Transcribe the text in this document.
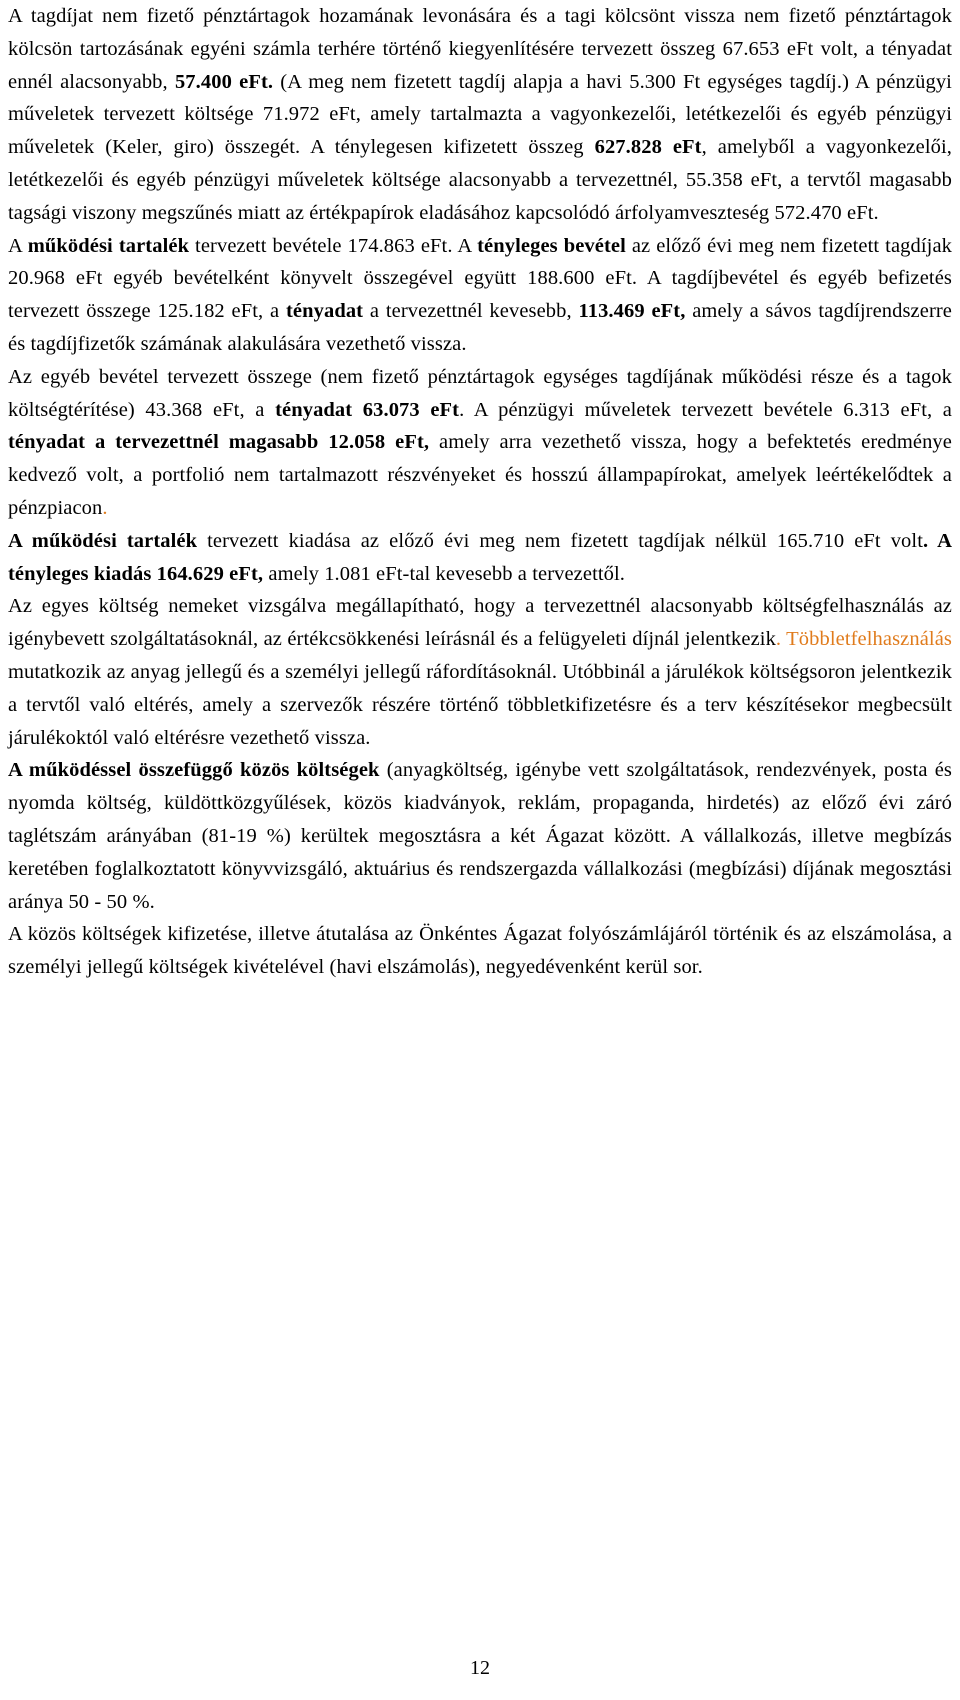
A tagdíjat nem fizető pénztártagok hozamának levonására és a tagi kölcsönt vissza nem fizető pénztártagok kölcsön tartozásának egyéni számla terhére történő kiegyenlítésére tervezett összeg 67.653 eFt volt, a tényadat ennél alacsonyabb, 57.400 eFt. (A meg nem fizetett tagdíj alapja a havi 5.300 Ft egységes tagdíj.) A pénzügyi műveletek tervezett költsége 71.972 eFt, amely tartalmazta a vagyonkezelői, letétkezelői és egyéb pénzügyi műveletek (Keler, giro) összegét. A ténylegesen kifizetett összeg 627.828 eFt, amelyből a vagyonkezelői, letétkezelői és egyéb pénzügyi műveletek költsége alacsonyabb a tervezettnél, 55.358 eFt, a tervtől magasabb tagsági viszony megszűnés miatt az értékpapírok eladásához kapcsolódó árfolyamveszteség 572.470 eFt.

A működési tartalék tervezett bevétele 174.863 eFt. A tényleges bevétel az előző évi meg nem fizetett tagdíjak 20.968 eFt egyéb bevételként könyvelt összegével együtt 188.600 eFt. A tagdíjbevétel és egyéb befizetés tervezett összege 125.182 eFt, a tényadat a tervezettnél kevesebb, 113.469 eFt, amely a sávos tagdíjrendszerre és tagdíjfizetők számának alakulására vezethető vissza.

Az egyéb bevétel tervezett összege (nem fizető pénztártagok egységes tagdíjának működési része és a tagok költségtérítése) 43.368 eFt, a tényadat 63.073 eFt. A pénzügyi műveletek tervezett bevétele 6.313 eFt, a tényadat a tervezettnél magasabb 12.058 eFt, amely arra vezethető vissza, hogy a befektetés eredménye kedvező volt, a portfolió nem tartalmazott részvényeket és hosszú állampapírokat, amelyek leértékelődtek a pénzpiacon.

A működési tartalék tervezett kiadása az előző évi meg nem fizetett tagdíjak nélkül 165.710 eFt volt. A tényleges kiadás 164.629 eFt, amely 1.081 eFt-tal kevesebb a tervezettől.

Az egyes költség nemeket vizsgálva megállapítható, hogy a tervezettnél alacsonyabb költségfelhasználás az igénybevett szolgáltatásoknál, az értékcsökkenési leírásnál és a felügyeleti díjnál jelentkezik. Többletfelhasználás mutatkozik az anyag jellegű és a személyi jellegű ráfordításoknál. Utóbbinál a járulékok költségsoron jelentkezik a tervtől való eltérés, amely a szervezők részére történő többletkifizetésre és a terv készítésekor megbecsült járulékoktól való eltérésre vezethető vissza.

A működéssel összefüggő közös költségek (anyagköltség, igénybe vett szolgáltatások, rendezvények, posta és nyomda költség, küldöttközgyűlések, közös kiadványok, reklám, propaganda, hirdetés) az előző évi záró taglétszám arányában (81-19 %) kerültek megosztásra a két Ágazat között. A vállalkozás, illetve megbízás keretében foglalkoztatott könyvvizsgáló, aktuárius és rendszergazda vállalkozási (megbízási) díjának megosztási aránya 50 - 50 %.

A közös költségek kifizetése, illetve átutalása az Önkéntes Ágazat folyószámlájáról történik és az elszámolása, a személyi jellegű költségek kivételével (havi elszámolás), negyedévenként kerül sor.

12
